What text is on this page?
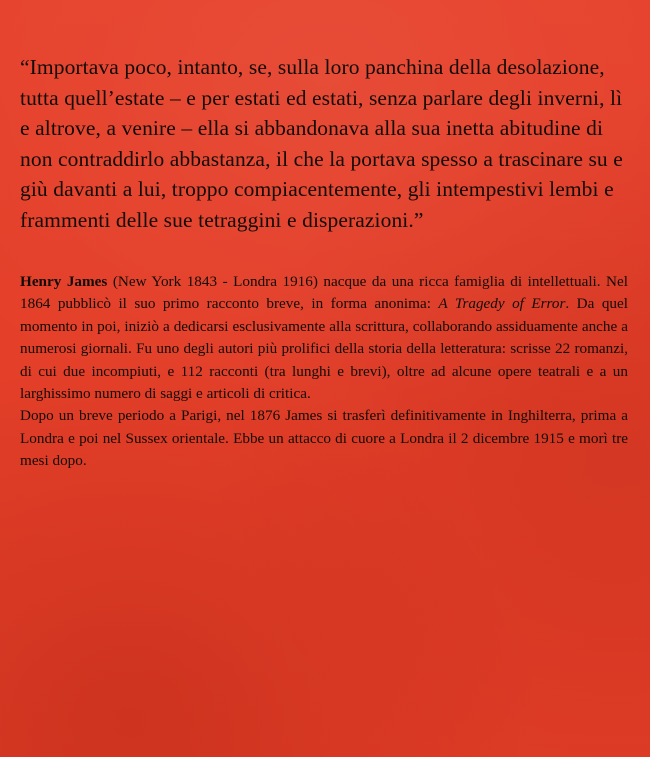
“Importava poco, intanto, se, sulla loro panchina della desolazione, tutta quell’estate – e per estati ed estati, senza parlare degli inverni, lì e altrove, a venire – ella si abbandonava alla sua inetta abitudine di non contraddirlo abbastanza, il che la portava spesso a trascinare su e giù davanti a lui, troppo compiacentemente, gli intempestivi lembi e frammenti delle sue tetraggini e disperazioni.”

Henry James (New York 1843 - Londra 1916) nacque da una ricca famiglia di intellettuali. Nel 1864 pubblicò il suo primo racconto breve, in forma anonima: A Tragedy of Error. Da quel momento in poi, iniziò a dedicarsi esclusivamente alla scrittura, collaborando assiduamente anche a numerosi giornali. Fu uno degli autori più prolifici della storia della letteratura: scrisse 22 romanzi, di cui due incompiuti, e 112 racconti (tra lunghi e brevi), oltre ad alcune opere teatrali e a un larghissimo numero di saggi e articoli di critica.

Dopo un breve periodo a Parigi, nel 1876 James si trasferì definitivamente in Inghilterra, prima a Londra e poi nel Sussex orientale. Ebbe un attacco di cuore a Londra il 2 dicembre 1915 e morì tre mesi dopo.
